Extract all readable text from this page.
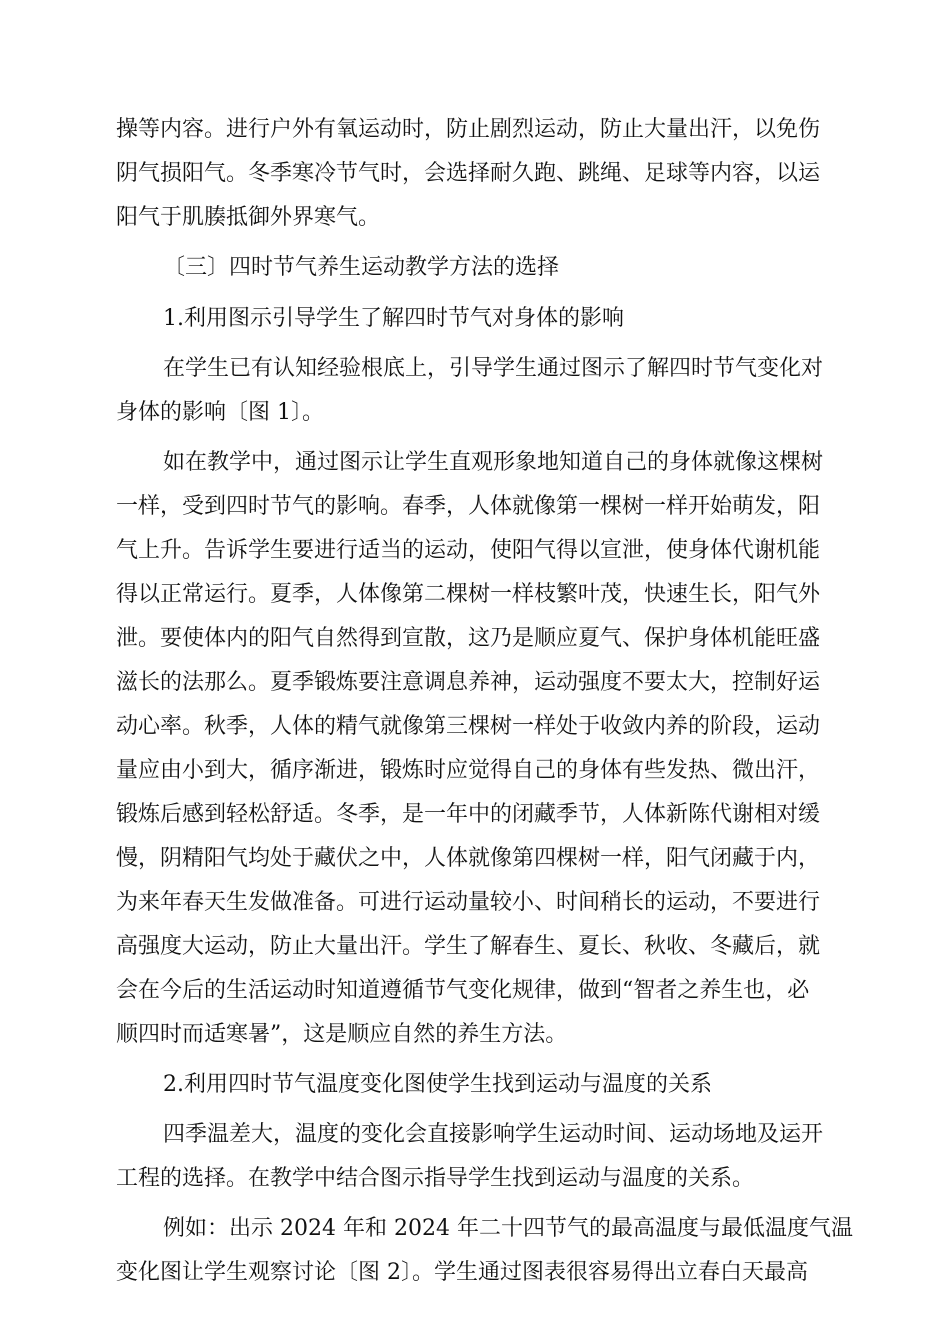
操等内容。进行户外有氧运动时，防止剧烈运动，防止大量出汗，以免伤
阴气损阳气。冬季寒冷节气时，会选择耐久跑、跳绳、足球等内容，以运
阳气于肌腠抵御外界寒气。
〔三〕四时节气养生运动教学方法的选择
1.利用图示引导学生了解四时节气对身体的影响
在学生已有认知经验根底上，引导学生通过图示了解四时节气变化对
身体的影响〔图 1〕。
如在教学中，通过图示让学生直观形象地知道自己的身体就像这棵树
一样，受到四时节气的影响。春季，人体就像第一棵树一样开始萌发，阳
气上升。告诉学生要进行适当的运动，使阳气得以宣泄，使身体代谢机能
得以正常运行。夏季，人体像第二棵树一样枝繁叶茂，快速生长，阳气外
泄。要使体内的阳气自然得到宣散，这乃是顺应夏气、保护身体机能旺盛
滋长的法那么。夏季锻炼要注意调息养神，运动强度不要太大，控制好运
动心率。秋季，人体的精气就像第三棵树一样处于收敛内养的阶段，运动
量应由小到大，循序渐进，锻炼时应觉得自己的身体有些发热、微出汗，
锻炼后感到轻松舒适。冬季，是一年中的闭藏季节，人体新陈代谢相对缓
慢，阴精阳气均处于藏伏之中，人体就像第四棵树一样，阳气闭藏于内，
为来年春天生发做准备。可进行运动量较小、时间稍长的运动，不要进行
高强度大运动，防止大量出汗。学生了解春生、夏长、秋收、冬藏后，就
会在今后的生活运动时知道遵循节气变化规律，做到“智者之养生也，必
顺四时而适寒暑”，这是顺应自然的养生方法。
2.利用四时节气温度变化图使学生找到运动与温度的关系
四季温差大，温度的变化会直接影响学生运动时间、运动场地及运开
工程的选择。在教学中结合图示指导学生找到运动与温度的关系。
例如：出示 2024 年和 2024 年二十四节气的最高温度与最低温度气温
变化图让学生观察讨论〔图 2〕。学生通过图表很容易得出立春白天最高
